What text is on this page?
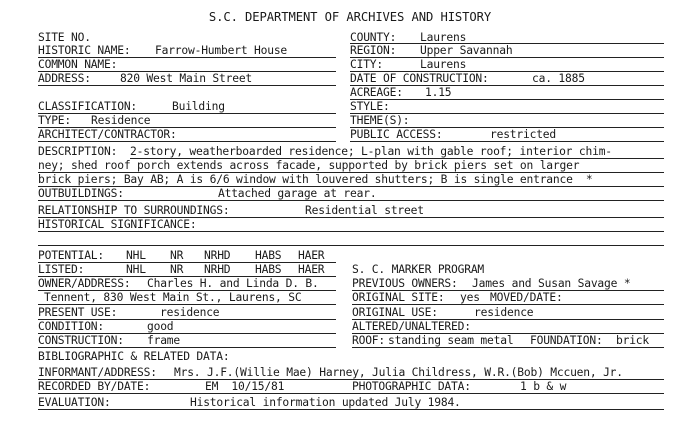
S.C. DEPARTMENT OF ARCHIVES AND HISTORY
SITE NO.
HISTORIC NAME: Farrow-Humbert House
COMMON NAME:
ADDRESS:	820 West Main Street
COUNTY: Laurens
REGION: Upper Savannah
CITY:	Laurens
DATE OF CONSTRUCTION:	ca. 1885
ACREAGE: 1.15
STYLE:
THEME(S):
PUBLIC ACCESS:	restricted
CLASSIFICATION:	Building
TYPE: Residence
ARCHITECT/CONTRACTOR:
DESCRIPTION: 2-story, weatherboarded residence; L-plan with gable roof; interior chim-
ney; shed roof porch extends across facade, supported by brick piers set on larger
brick piers; Bay AB; A is 6/6 window with louvered shutters; B is single entrance  *
OUTBUILDINGS:	Attached garage at rear.
RELATIONSHIP TO SURROUNDINGS:	Residential street
HISTORICAL SIGNIFICANCE:
POTENTIAL: NHL NR NRHD HABS HAER
LISTED:	NHL NR NRHD HABS HAER S. C. MARKER PROGRAM
OWNER/ADDRESS: Charles H. and Linda D. B.
Tennent, 830 West Main St., Laurens, SC
PREVIOUS OWNERS: James and Susan Savage *
ORIGINAL SITE: yes MOVED/DATE:
PRESENT USE:	residence	ORIGINAL USE:	residence
CONDITION:	good	ALTERED/UNALTERED:
CONSTRUCTION: frame	ROOF: standing seam metal FOUNDATION: brick
BIBLIOGRAPHIC & RELATED DATA:
INFORMANT/ADDRESS: Mrs. J.F.(Willie Mae) Harney, Julia Childress, W.R.(Bob) Mccuen, Jr.
RECORDED BY/DATE:	EM  10/15/81	PHOTOGRAPHIC DATA:	1 b & w
EVALUATION:	Historical information updated July 1984.
